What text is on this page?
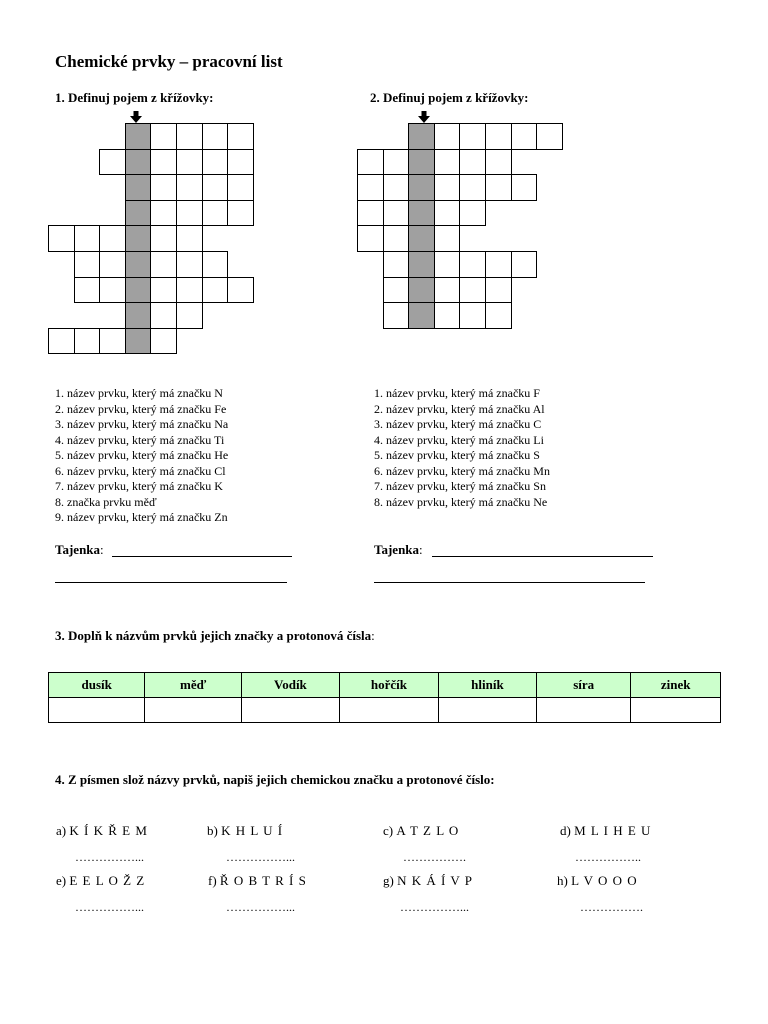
Chemické prvky – pracovní list
1. Definuj pojem z křížovky:	2. Definuj pojem z křížovky:
1. název prvku, který má značku N
2. název prvku, který má značku Fe
3. název prvku, který má značku Na
4. název prvku, který má značku Ti
5. název prvku, který má značku He
6. název prvku, který má značku Cl
7. název prvku, který má značku K
8. značka prvku měď
9. název prvku, který má značku Zn
1. název prvku, který má značku F
2. název prvku, který má značku Al
3. název prvku, který má značku C
4. název prvku, který má značku Li
5. název prvku, který má značku S
6. název prvku, který má značku Mn
7. název prvku, který má značku Sn
8. název prvku, který má značku Ne
Tajenka:	Tajenka:
3. Doplň k názvům prvků jejich značky a protonová čísla:
dusík	měď	Vodík	hořčík	hliník	síra	zinek

4. Z písmen slož názvy prvků, napiš jejich chemickou značku a protonové číslo:
a) K Í K Ř E M	b) K H L U Í	c) A T Z L O	d) M L I H E U
……………...	……………...	…………….	……………..
e) E E L O Ž Z	f) Ř O B T R Í S	g) N K Á Í V P	h) L V O O O
……………...	……………...	……………...	…………….
